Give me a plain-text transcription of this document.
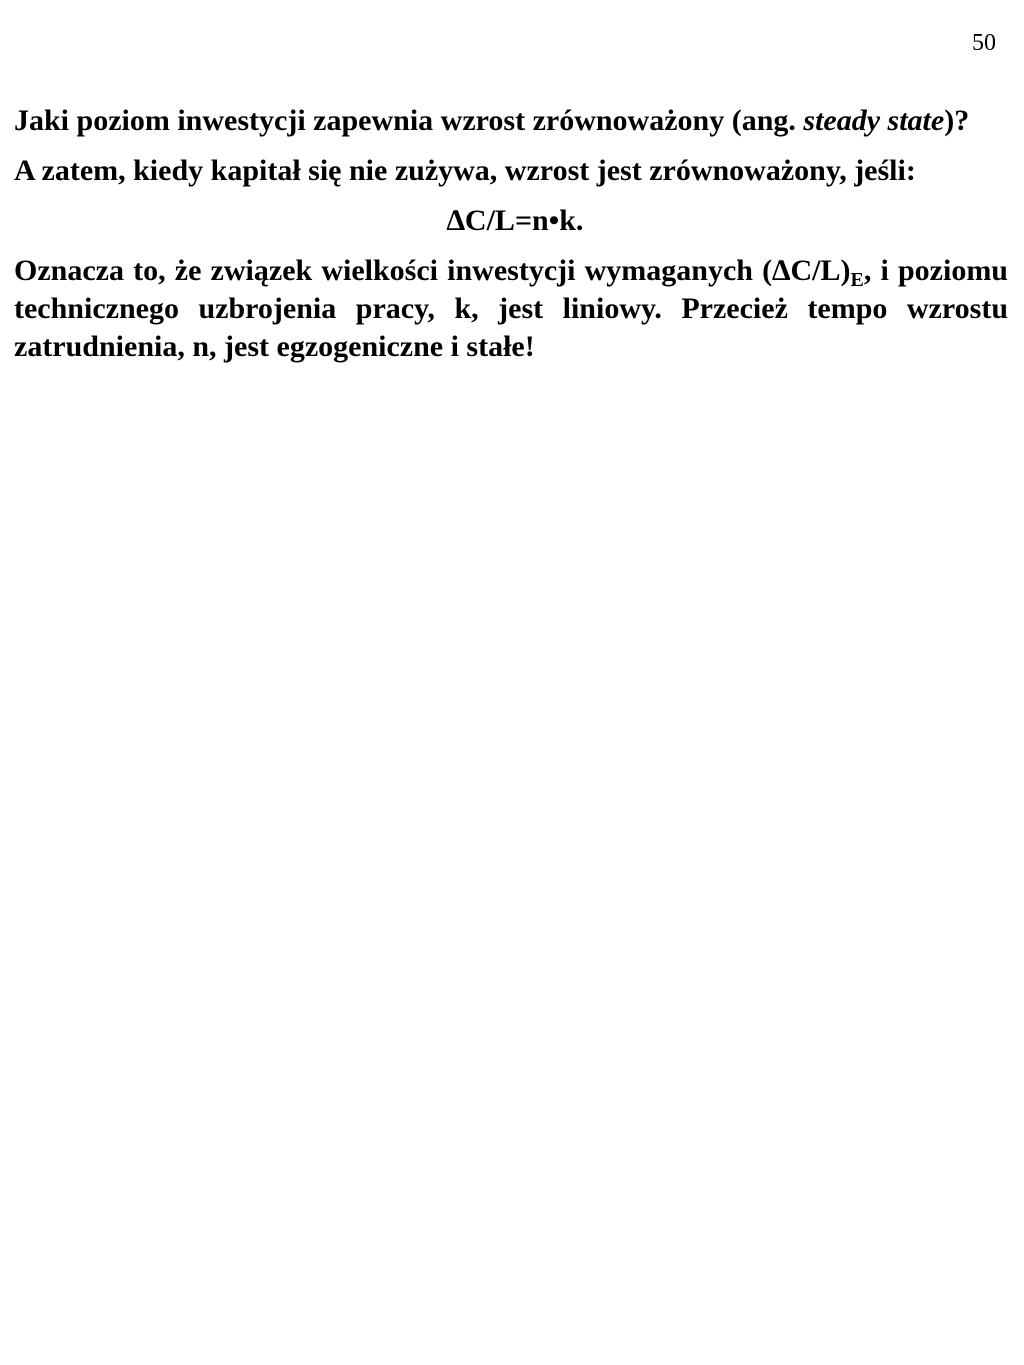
50

Jaki poziom inwestycji zapewnia wzrost zrównoważony (ang. steady state)?

A zatem, kiedy kapitał się nie zużywa, wzrost jest zrównoważony, jeśli:

∆C/L=n•k.

Oznacza to, że związek wielkości inwestycji wymaganych $(\Delta C/L)_E$, i poziomu technicznego uzbrojenia pracy, k, jest liniowy. Przecież tempo wzrostu zatrudnienia, n, jest egzogeniczne i stałe!
